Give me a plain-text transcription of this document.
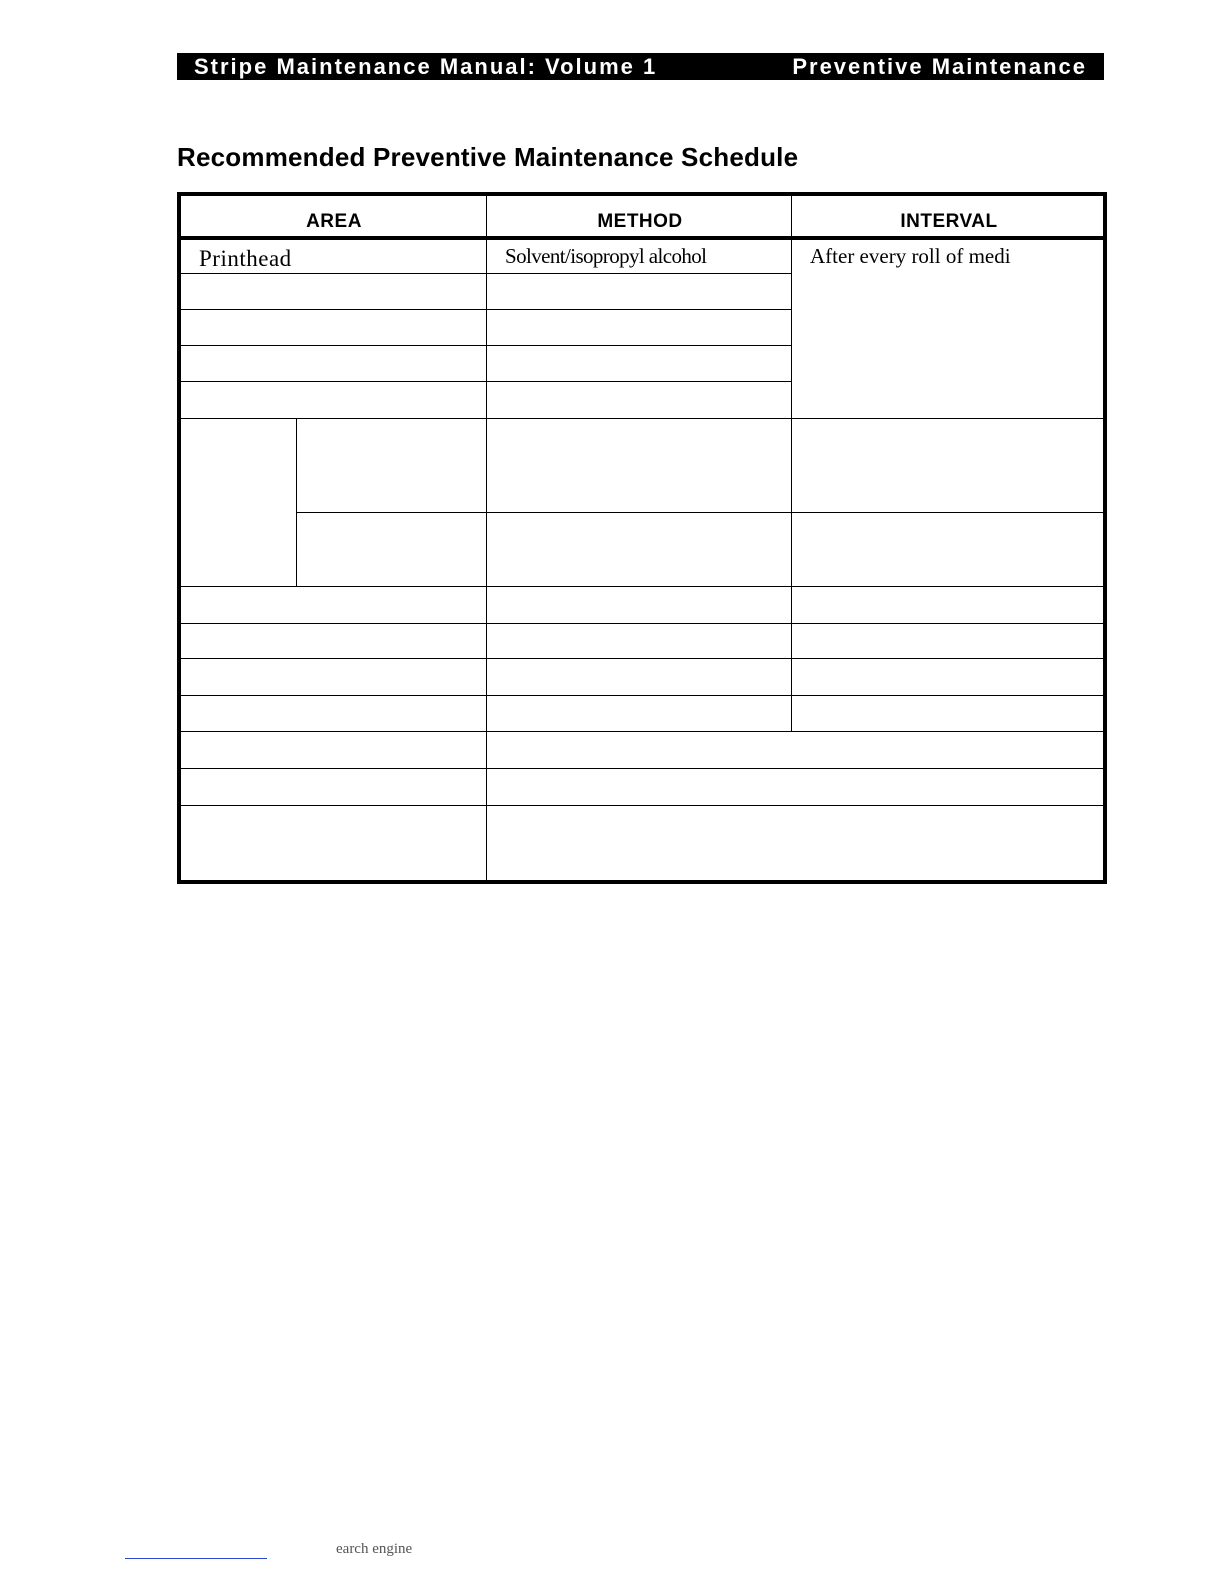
Stripe Maintenance Manual: Volume 1	Preventive Maintenance
Recommended Preventive Maintenance Schedule
AREA	METHOD	INTERVAL
Printhead	Solvent/isopropyl alcohol	After every roll of medi
earch engine
